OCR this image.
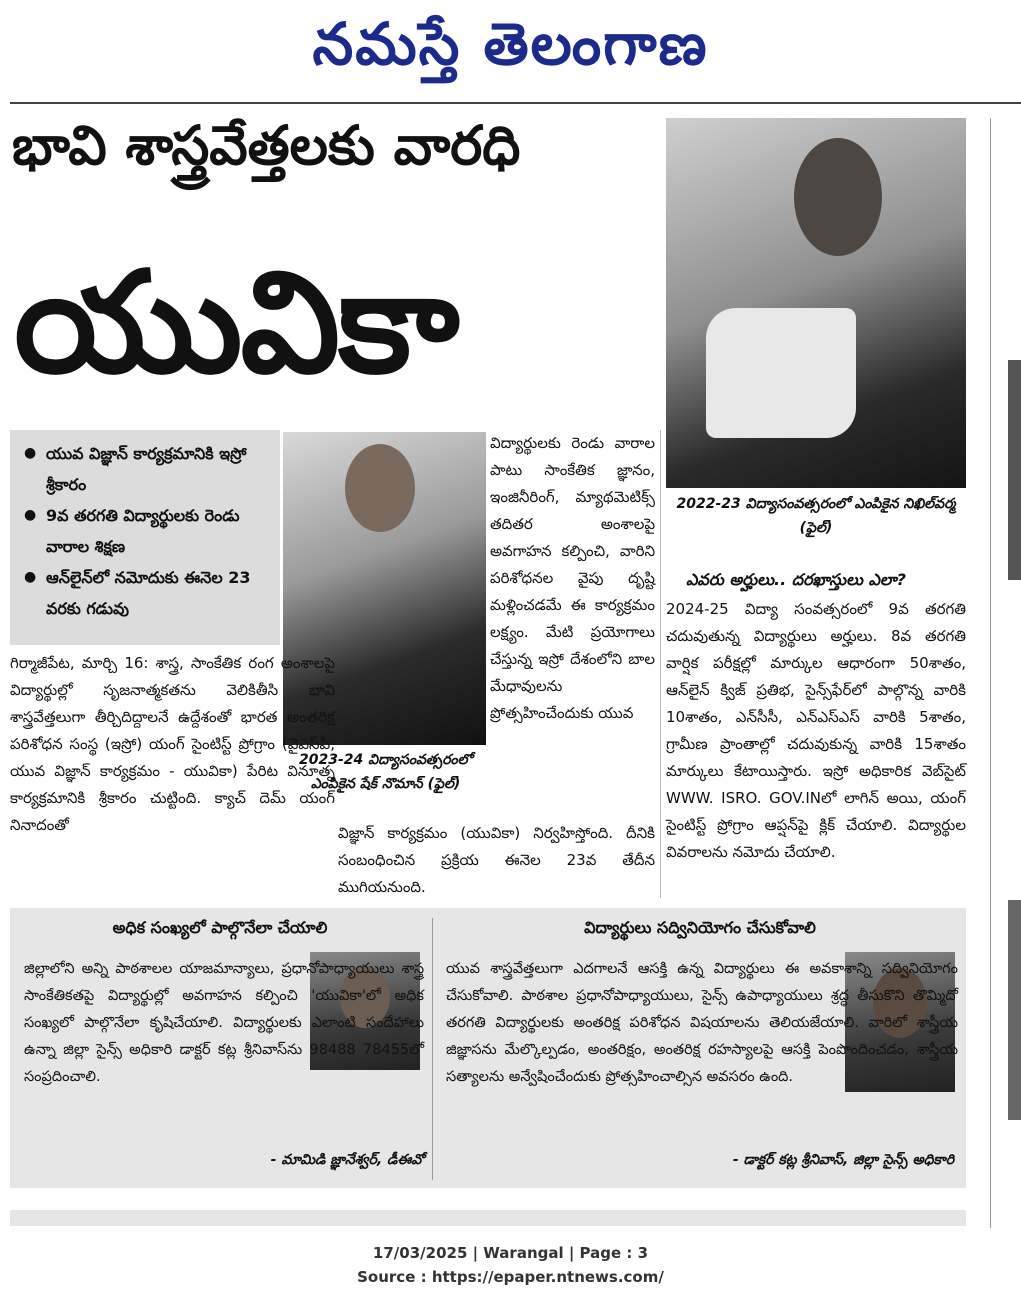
నమస్తే తెలంగాణ
భావి శాస్త్రవేత్తలకు వారధి
యువికా
● యువ విజ్ఞాన్ కార్యక్రమానికి ఇస్రో శ్రీకారం
● 9వ తరగతి విద్యార్థులకు రెండు వారాల శిక్షణ
● ఆన్‌లైన్‌లో నమోదుకు ఈనెల 23 వరకు గడువు
2023-24 విద్యాసంవత్సరంలో ఎంపికైన షేక్ నొమాన్ (ఫైల్)
2022-23 విద్యాసంవత్సరంలో ఎంపికైన నిఖిల్‌వర్మ (ఫైల్)
గిర్మాజీపేట, మార్చి 16: శాస్త్ర, సాంకేతిక రంగ అంశాలపై విద్యార్థుల్లో సృజనాత్మకతను వెలికితీసి భావి శాస్త్రవేత్తలుగా తీర్చిదిద్దాలనే ఉద్దేశంతో భారత అంతరిక్ష పరిశోధన సంస్థ (ఇస్రో) యంగ్ సైంటిస్ట్ ప్రోగ్రాం (వైఎస్‌పీ, యువ విజ్ఞాన్ కార్యక్రమం - యువికా) పేరిట వినూత్న కార్యక్రమానికి శ్రీకారం చుట్టింది. క్యాచ్ దెమ్ యంగ్ నినాదంతో
విద్యార్థులకు రెండు వారాల పాటు సాంకేతిక జ్ఞానం, ఇంజినీరింగ్, మ్యాథమెటిక్స్ తదితర అంశాలపై అవగాహన కల్పించి, వారిని పరిశోధనల వైపు దృష్టి మళ్లించడమే ఈ కార్యక్రమం లక్ష్యం. మేటి ప్రయోగాలు చేస్తున్న ఇస్రో దేశంలోని బాల మేధావులను ప్రోత్సహించేందుకు యువ
విజ్ఞాన్ కార్యక్రమం (యువికా) నిర్వహిస్తోంది. దీనికి సంబంధించిన ప్రక్రియ ఈనెల 23వ తేదీన ముగియనుంది.
ఎవరు అర్హులు.. దరఖాస్తులు ఎలా?
2024-25 విద్యా సంవత్సరంలో 9వ తరగతి చదువుతున్న విద్యార్థులు అర్హులు. 8వ తరగతి వార్షిక పరీక్షల్లో మార్కుల ఆధారంగా 50శాతం, ఆన్‌లైన్ క్విజ్ ప్రతిభ, సైన్స్‌ఫేర్‌లో పాల్గొన్న వారికి 10శాతం, ఎన్‌సీసీ, ఎన్‌ఎస్‌ఎస్ వారికి 5శాతం, గ్రామీణ ప్రాంతాల్లో చదువుకున్న వారికి 15శాతం మార్కులు కేటాయిస్తారు. ఇస్రో అధికారిక వెబ్‌సైట్ WWW. ISRO. GOV.INలో లాగిన్ అయి, యంగ్ సైంటిస్ట్ ప్రోగ్రాం ఆప్షన్‌పై క్లిక్ చేయాలి. విద్యార్థుల వివరాలను నమోదు చేయాలి.
అధిక సంఖ్యలో పాల్గొనేలా చేయాలి
జిల్లాలోని అన్ని పాఠశాలల యాజమాన్యాలు, ప్రధానోపాధ్యాయులు శాస్త్ర సాంకేతికతపై విద్యార్థుల్లో అవగాహన కల్పించి 'యువికా'లో అధిక సంఖ్యలో పాల్గొనేలా కృషిచేయాలి. విద్యార్థులకు ఎలాంటి సందేహాలు ఉన్నా జిల్లా సైన్స్ అధికారి డాక్టర్ కట్ల శ్రీనివాస్‌ను 98488 78455లో సంప్రదించాలి.
- మామిడి జ్ఞానేశ్వర్, డీఈవో
విద్యార్థులు సద్వినియోగం చేసుకోవాలి
యువ శాస్త్రవేత్తలుగా ఎదగాలనే ఆసక్తి ఉన్న విద్యార్థులు ఈ అవకాశాన్ని సద్వినియోగం చేసుకోవాలి. పాఠశాల ప్రధానోపాధ్యాయులు, సైన్స్ ఉపాధ్యాయులు శ్రద్ధ తీసుకొని తొమ్మిదో తరగతి విద్యార్థులకు అంతరిక్ష పరిశోధన విషయాలను తెలియజేయాలి. వారిలో శాస్త్రీయ జిజ్ఞాసను మేల్కొల్పడం, అంతరిక్షం, అంతరిక్ష రహస్యాలపై ఆసక్తి పెంపొందించడం, శాస్త్రీయ సత్యాలను అన్వేషించేందుకు ప్రోత్సహించాల్సిన అవసరం ఉంది.
- డాక్టర్ కట్ల శ్రీనివాస్, జిల్లా సైన్స్ అధికారి
17/03/2025 | Warangal | Page : 3
Source : https://epaper.ntnews.com/
